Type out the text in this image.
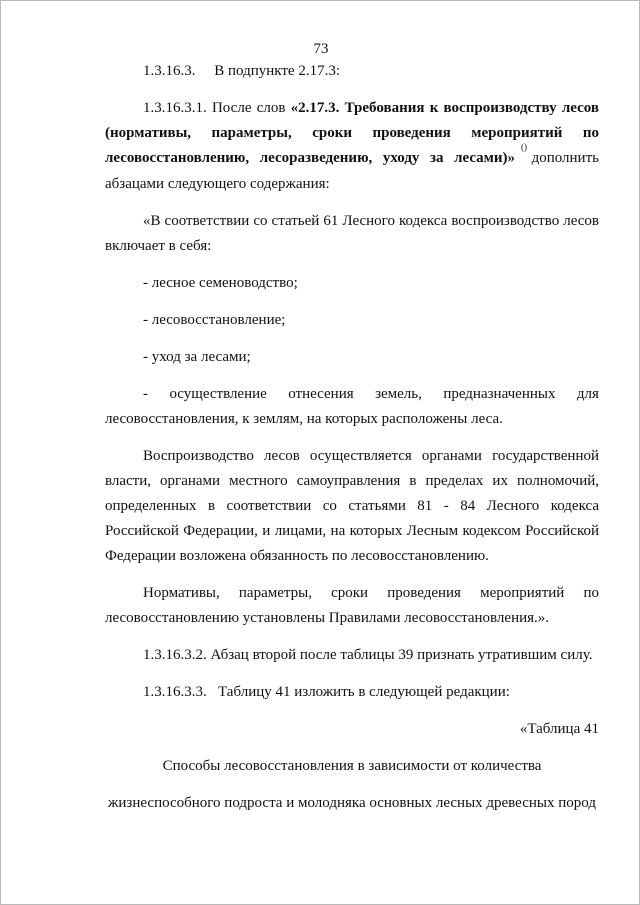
73

1.3.16.3.     В подпункте 2.17.3:

1.3.16.3.1. После слов «2.17.3. Требования к воспроизводству лесов (нормативы, параметры, сроки проведения мероприятий по лесовосстановлению, лесоразведению, уходу за лесами)»() дополнить абзацами следующего содержания:

«В соответствии со статьей 61 Лесного кодекса воспроизводство лесов включает в себя:

- лесное семеноводство;

- лесовосстановление;

- уход за лесами;

- осуществление отнесения земель, предназначенных для

лесовосстановления, к землям, на которых расположены леса.

Воспроизводство лесов осуществляется органами государственной власти, органами местного самоуправления в пределах их полномочий, определенных в соответствии со статьями 81 - 84 Лесного кодекса Российской Федерации, и лицами, на которых Лесным кодексом Российской Федерации возложена обязанность по лесовосстановлению.

Нормативы, параметры, сроки проведения мероприятий по лесовосстановлению установлены Правилами лесовосстановления.».

1.3.16.3.2. Абзац второй после таблицы 39 признать утратившим силу.

1.3.16.3.3.   Таблицу 41 изложить в следующей редакции:

«Таблица 41

Способы лесовосстановления в зависимости от количества

жизнеспособного подроста и молодняка основных лесных древесных пород
